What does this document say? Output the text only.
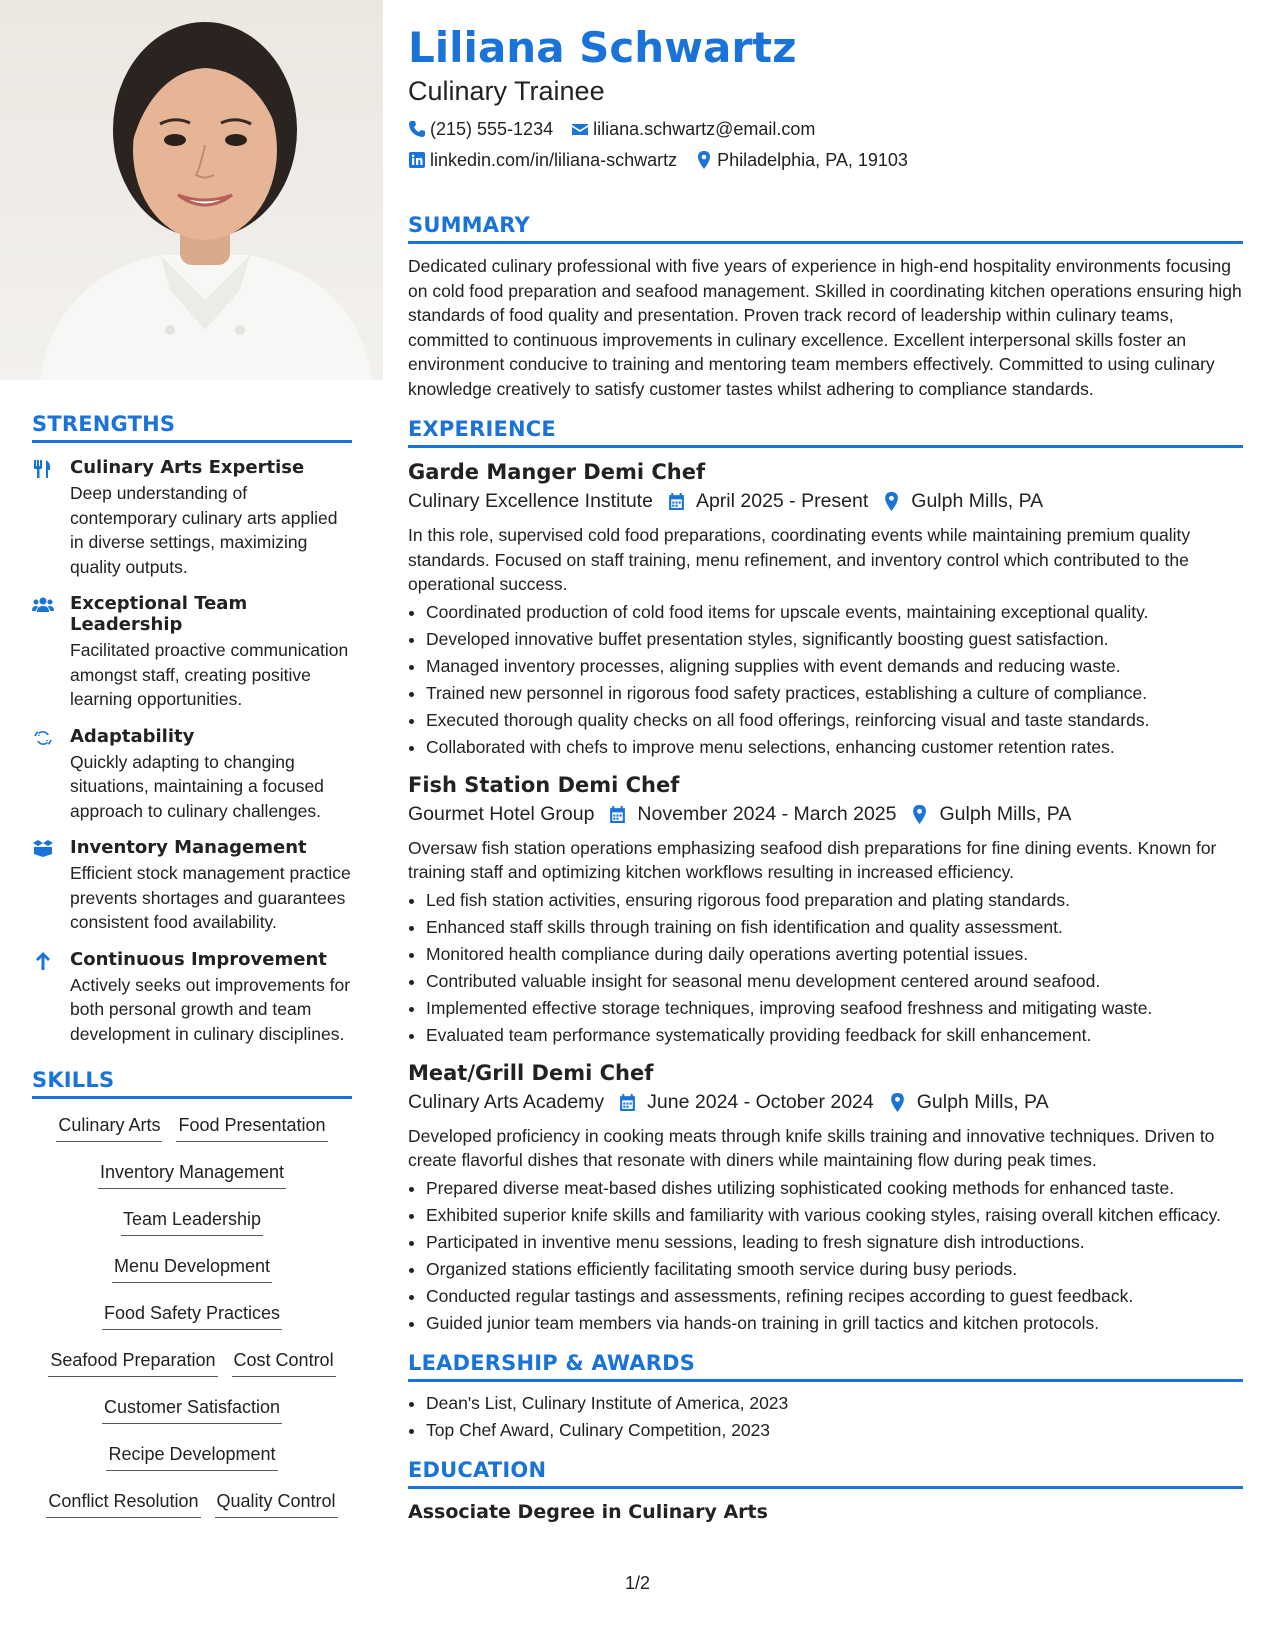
STRENGTHS
Culinary Arts Expertise
Deep understanding of contemporary culinary arts applied in diverse settings, maximizing quality outputs.
Exceptional Team Leadership
Facilitated proactive communication amongst staff, creating positive learning opportunities.
Adaptability
Quickly adapting to changing situations, maintaining a focused approach to culinary challenges.
Inventory Management
Efficient stock management practice prevents shortages and guarantees consistent food availability.
Continuous Improvement
Actively seeks out improvements for both personal growth and team development in culinary disciplines.
SKILLS
Culinary Arts Food Presentation
Inventory Management
Team Leadership
Menu Development
Food Safety Practices
Seafood Preparation Cost Control
Customer Satisfaction
Recipe Development
Conflict Resolution Quality Control
Liliana Schwartz
Culinary Trainee
(215) 555-1234 liliana.schwartz@email.com
linkedin.com/in/liliana-schwartz Philadelphia, PA, 19103
SUMMARY
Dedicated culinary professional with five years of experience in high-end hospitality environments focusing on cold food preparation and seafood management. Skilled in coordinating kitchen operations ensuring high standards of food quality and presentation. Proven track record of leadership within culinary teams, committed to continuous improvements in culinary excellence. Excellent interpersonal skills foster an environment conducive to training and mentoring team members effectively. Committed to using culinary knowledge creatively to satisfy customer tastes whilst adhering to compliance standards.
EXPERIENCE
Garde Manger Demi Chef
Culinary Excellence Institute April 2025 - Present Gulph Mills, PA
In this role, supervised cold food preparations, coordinating events while maintaining premium quality standards. Focused on staff training, menu refinement, and inventory control which contributed to the operational success.
• Coordinated production of cold food items for upscale events, maintaining exceptional quality.
• Developed innovative buffet presentation styles, significantly boosting guest satisfaction.
• Managed inventory processes, aligning supplies with event demands and reducing waste.
• Trained new personnel in rigorous food safety practices, establishing a culture of compliance.
• Executed thorough quality checks on all food offerings, reinforcing visual and taste standards.
• Collaborated with chefs to improve menu selections, enhancing customer retention rates.
Fish Station Demi Chef
Gourmet Hotel Group November 2024 - March 2025 Gulph Mills, PA
Oversaw fish station operations emphasizing seafood dish preparations for fine dining events. Known for training staff and optimizing kitchen workflows resulting in increased efficiency.
• Led fish station activities, ensuring rigorous food preparation and plating standards.
• Enhanced staff skills through training on fish identification and quality assessment.
• Monitored health compliance during daily operations averting potential issues.
• Contributed valuable insight for seasonal menu development centered around seafood.
• Implemented effective storage techniques, improving seafood freshness and mitigating waste.
• Evaluated team performance systematically providing feedback for skill enhancement.
Meat/Grill Demi Chef
Culinary Arts Academy June 2024 - October 2024 Gulph Mills, PA
Developed proficiency in cooking meats through knife skills training and innovative techniques. Driven to create flavorful dishes that resonate with diners while maintaining flow during peak times.
• Prepared diverse meat-based dishes utilizing sophisticated cooking methods for enhanced taste.
• Exhibited superior knife skills and familiarity with various cooking styles, raising overall kitchen efficacy.
• Participated in inventive menu sessions, leading to fresh signature dish introductions.
• Organized stations efficiently facilitating smooth service during busy periods.
• Conducted regular tastings and assessments, refining recipes according to guest feedback.
• Guided junior team members via hands-on training in grill tactics and kitchen protocols.
LEADERSHIP & AWARDS
• Dean's List, Culinary Institute of America, 2023
• Top Chef Award, Culinary Competition, 2023
EDUCATION
Associate Degree in Culinary Arts
1/2
